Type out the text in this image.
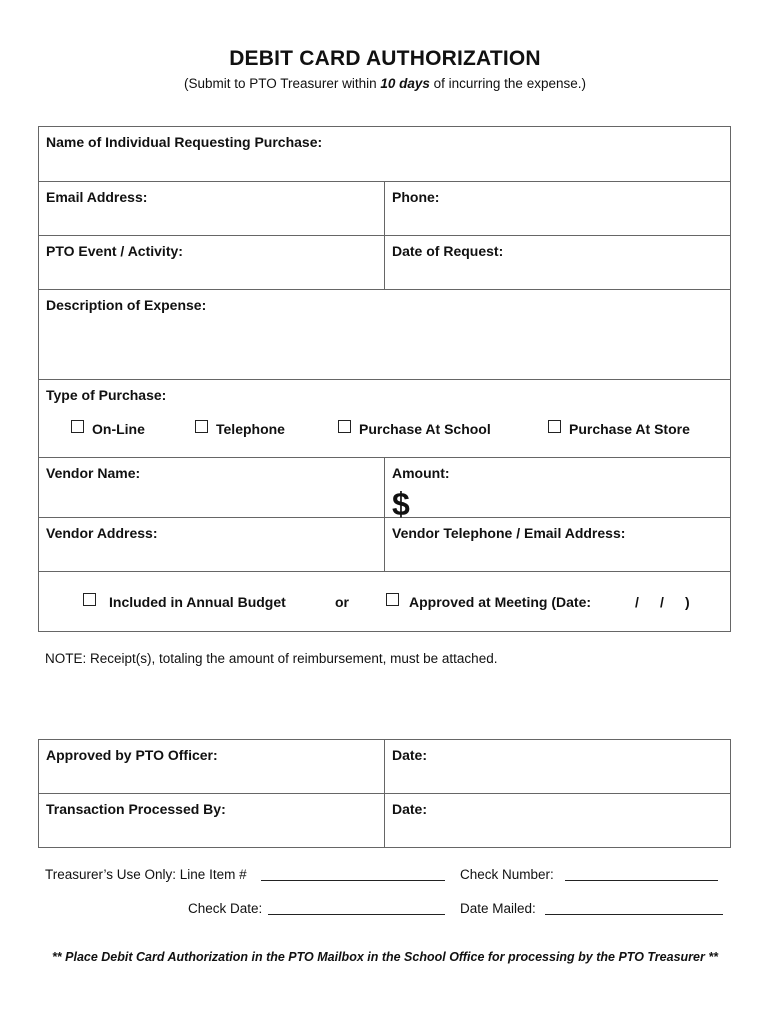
DEBIT CARD AUTHORIZATION
(Submit to PTO Treasurer within 10 days of incurring the expense.)
Name of Individual Requesting Purchase:
Email Address:	Phone:
PTO Event / Activity:	Date of Request:
Description of Expense:
Type of Purchase:
On-Line	Telephone	Purchase At School	Purchase At Store
Vendor Name:	Amount:
$
Vendor Address:	Vendor Telephone / Email Address:
Included in Annual Budget	or	Approved at Meeting (Date:	/ / )
NOTE: Receipt(s), totaling the amount of reimbursement, must be attached.
Approved by PTO Officer:	Date:
Transaction Processed By:	Date:
Treasurer’s Use Only: Line Item #	Check Number:
Check Date:	Date Mailed:
** Place Debit Card Authorization in the PTO Mailbox in the School Office for processing by the PTO Treasurer **
